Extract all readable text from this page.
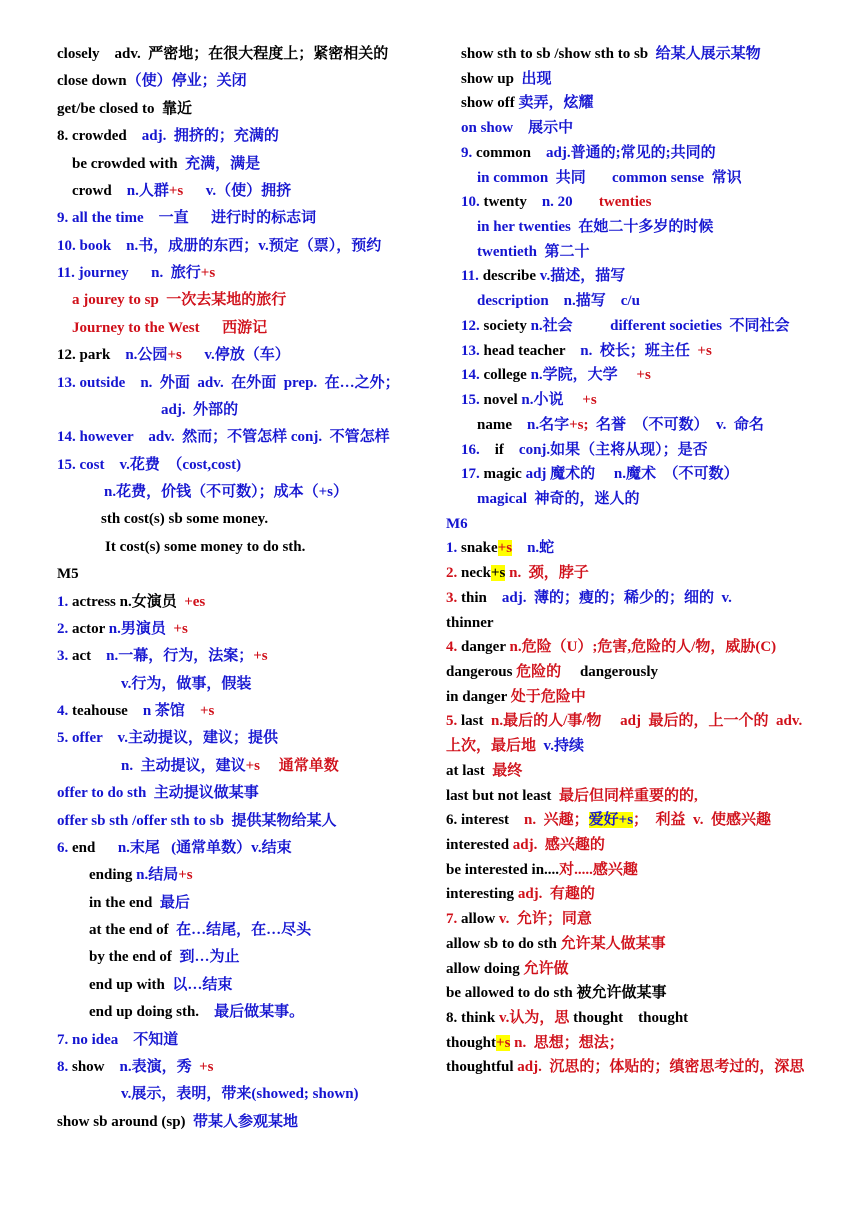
closely    adv.  严密地；在很大程度上；紧密相关的
close down（使）停业；关闭
get/be closed to  靠近
8. crowded    adj.  拥挤的；充满的
be crowded with  充满，满是
crowd    n.人群+s      v.（使）拥挤
9. all the time    一直      进行时的标志词
10. book    n.书，成册的东西；v.预定（票），预约
11. journey      n.  旅行+s
a jourey to sp  一次去某地的旅行
Journey to the West      西游记
12. park    n.公园+s      v.停放（车）
13. outside    n.  外面  adv.  在外面  prep.  在…之外；
adj.  外部的
14. however    adv.  然而；不管怎样 conj.  不管怎样
15. cost    v.花费  （cost,cost)
n.花费，价钱（不可数）；成本（+s）
sth cost(s) sb some money.
It cost(s) some money to do sth.
M5
1. actress n.女演员  +es
2. actor n.男演员  +s
3. act    n.一幕，行为，法案；+s
v.行为，做事，假装
4. teahouse    n 茶馆    +s
5. offer    v.主动提议，建议；提供
n.  主动提议，建议+s     通常单数
offer to do sth  主动提议做某事
offer sb sth /offer sth to sb  提供某物给某人
6. end      n.末尾   (通常单数）v.结束
ending n.结局+s
in the end  最后
at the end of  在…结尾，在…尽头
by the end of  到…为止
end up with  以…结束
end up doing sth.    最后做某事。
7. no idea    不知道
8. show    n.表演，秀  +s
v.展示，表明，带来(showed; shown)
show sb around (sp)  带某人参观某地
show sth to sb /show sth to sb  给某人展示某物
show up  出现
show off 卖弄，炫耀
on show    展示中
9. common    adj.普通的;常见的;共同的
in common  共同       common sense  常识
10. twenty    n. 20       twenties
in her twenties  在她二十多岁的时候
twentieth  第二十
11. describe v.描述，描写
description    n.描写    c/u
12. society n.社会          different societies  不同社会
13. head teacher    n.  校长；班主任  +s
14. college n.学院，大学     +s
15. novel n.小说     +s
name    n.名字+s;  名誉  （不可数）  v.  命名
16.    if    conj.如果（主将从现）；是否
17. magic adj 魔术的     n.魔术  （不可数）
magical  神奇的，迷人的
M6
1. snake+s    n.蛇
2. neck+s n.  颈，脖子
3. thin    adj.  薄的；瘦的；稀少的；细的  v.
thinner
4. danger n.危险（U）;危害,危险的人/物，威胁(C)
dangerous 危险的     dangerously
in danger 处于危险中
5. last  n.最后的人/事/物     adj  最后的，上一个的  adv.
上次，最后地  v.持续
at last  最终
last but not least  最后但同样重要的的,
6. interest    n.  兴趣；爱好+s；  利益  v.  使感兴趣
interested adj.  感兴趣的
be interested in....对.....感兴趣
interesting adj.  有趣的
7. allow v.  允许；同意
allow sb to do sth 允许某人做某事
allow doing 允许做
be allowed to do sth 被允许做某事
8. think v.认为，思 thought    thought
thought+s n.  思想；想法；
thoughtful adj.  沉思的；体贴的；缜密思考过的，深思
